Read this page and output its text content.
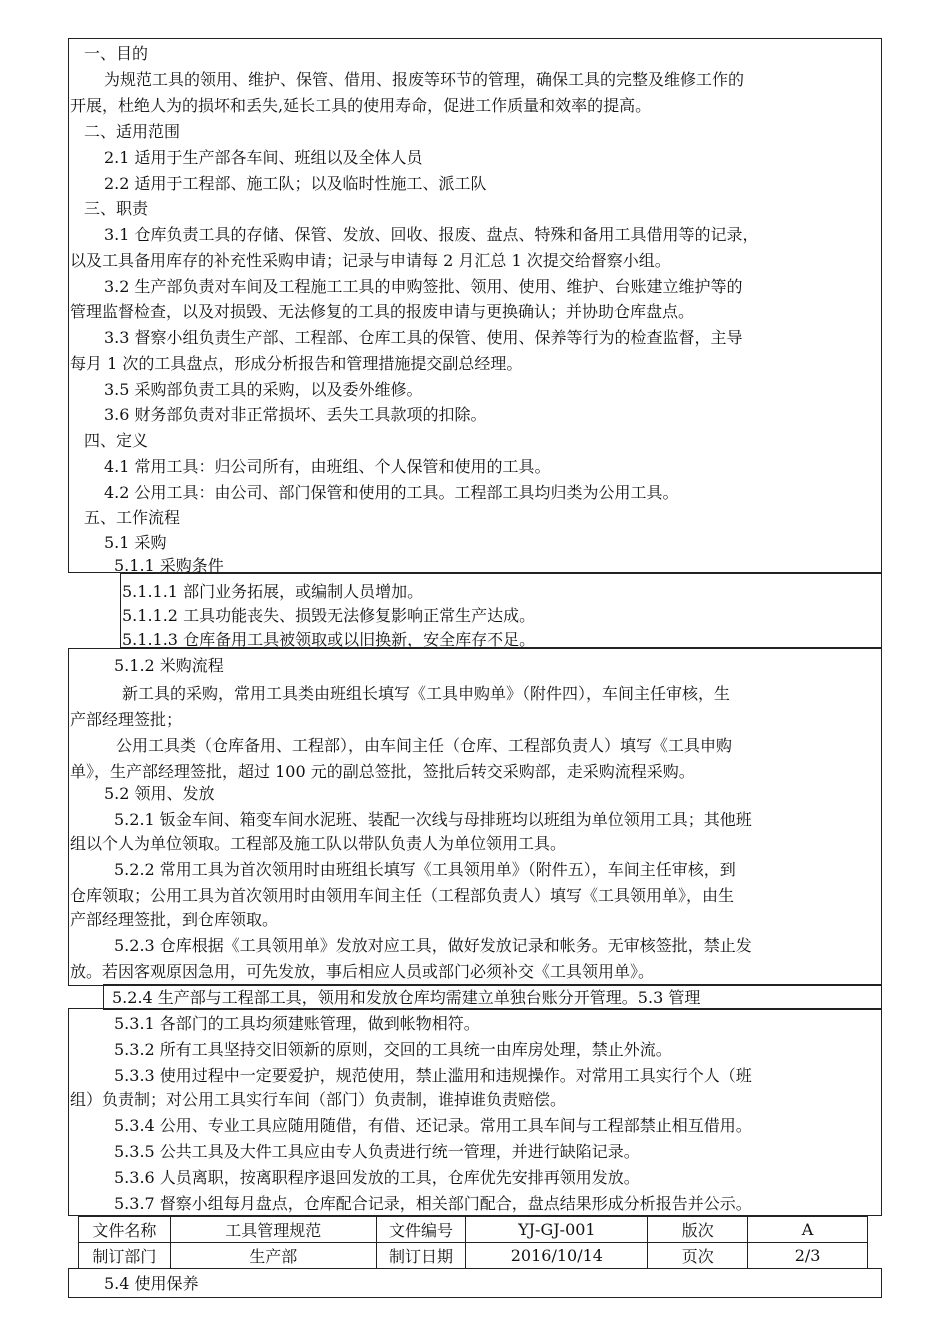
一、目的
为规范工具的领用、维护、保管、借用、报废等环节的管理，确保工具的完整及维修工作的
开展，杜绝人为的损坏和丢失,延长工具的使用寿命，促进工作质量和效率的提高。
二、适用范围
2.1 适用于生产部各车间、班组以及全体人员
2.2 适用于工程部、施工队；以及临时性施工、派工队
三、职责
3.1 仓库负责工具的存储、保管、发放、回收、报废、盘点、特殊和备用工具借用等的记录，
以及工具备用库存的补充性采购申请；记录与申请每 2 月汇总 1 次提交给督察小组。
3.2 生产部负责对车间及工程施工工具的申购签批、领用、使用、维护、台账建立维护等的
管理监督检查，以及对损毁、无法修复的工具的报废申请与更换确认；并协助仓库盘点。
3.3 督察小组负责生产部、工程部、仓库工具的保管、使用、保养等行为的检查监督，主导
每月 1 次的工具盘点，形成分析报告和管理措施提交副总经理。
3.5 采购部负责工具的采购，以及委外维修。
3.6 财务部负责对非正常损坏、丢失工具款项的扣除。
四、定义
4.1 常用工具：归公司所有，由班组、个人保管和使用的工具。
4.2 公用工具：由公司、部门保管和使用的工具。工程部工具均归类为公用工具。
五、工作流程
5.1 采购
5.1.1 采购条件
5.1.1.1 部门业务拓展，或编制人员增加。
5.1.1.2 工具功能丧失、损毁无法修复影响正常生产达成。
5.1.1.3 仓库备用工具被领取或以旧换新，安全库存不足。
5.1.2 米购流程
新工具的采购，常用工具类由班组长填写《工具申购单》（附件四），车间主任审核，生
产部经理签批；
公用工具类（仓库备用、工程部），由车间主任（仓库、工程部负责人）填写《工具申购
单》，生产部经理签批，超过 100 元的副总签批，签批后转交采购部，走采购流程采购。
5.2 领用、发放
5.2.1 钣金车间、箱变车间水泥班、装配一次线与母排班均以班组为单位领用工具；其他班
组以个人为单位领取。工程部及施工队以带队负责人为单位领用工具。
5.2.2 常用工具为首次领用时由班组长填写《工具领用单》（附件五），车间主任审核，到
仓库领取；公用工具为首次领用时由领用车间主任（工程部负责人）填写《工具领用单》，由生
产部经理签批，到仓库领取。
5.2.3 仓库根据《工具领用单》发放对应工具，做好发放记录和帐务。无审核签批，禁止发
放。若因客观原因急用，可先发放，事后相应人员或部门必须补交《工具领用单》。
5.2.4 生产部与工程部工具，领用和发放仓库均需建立单独台账分开管理。5.3 管理
5.3.1 各部门的工具均须建账管理，做到帐物相符。
5.3.2 所有工具坚持交旧领新的原则，交回的工具统一由库房处理，禁止外流。
5.3.3 使用过程中一定要爱护，规范使用，禁止滥用和违规操作。对常用工具实行个人（班
组）负责制；对公用工具实行车间（部门）负责制，谁掉谁负责赔偿。
5.3.4 公用、专业工具应随用随借，有借、还记录。常用工具车间与工程部禁止相互借用。
5.3.5 公共工具及大件工具应由专人负责进行统一管理，并进行缺陷记录。
5.3.6 人员离职，按离职程序退回发放的工具，仓库优先安排再领用发放。
5.3.7 督察小组每月盘点，仓库配合记录，相关部门配合，盘点结果形成分析报告并公示。
5.4 使用保养
文件名称	工具管理规范	文件编号	YJ-GJ-001	版次	A
制订部门	生产部	制订日期	2016/10/14	页次	2/3
